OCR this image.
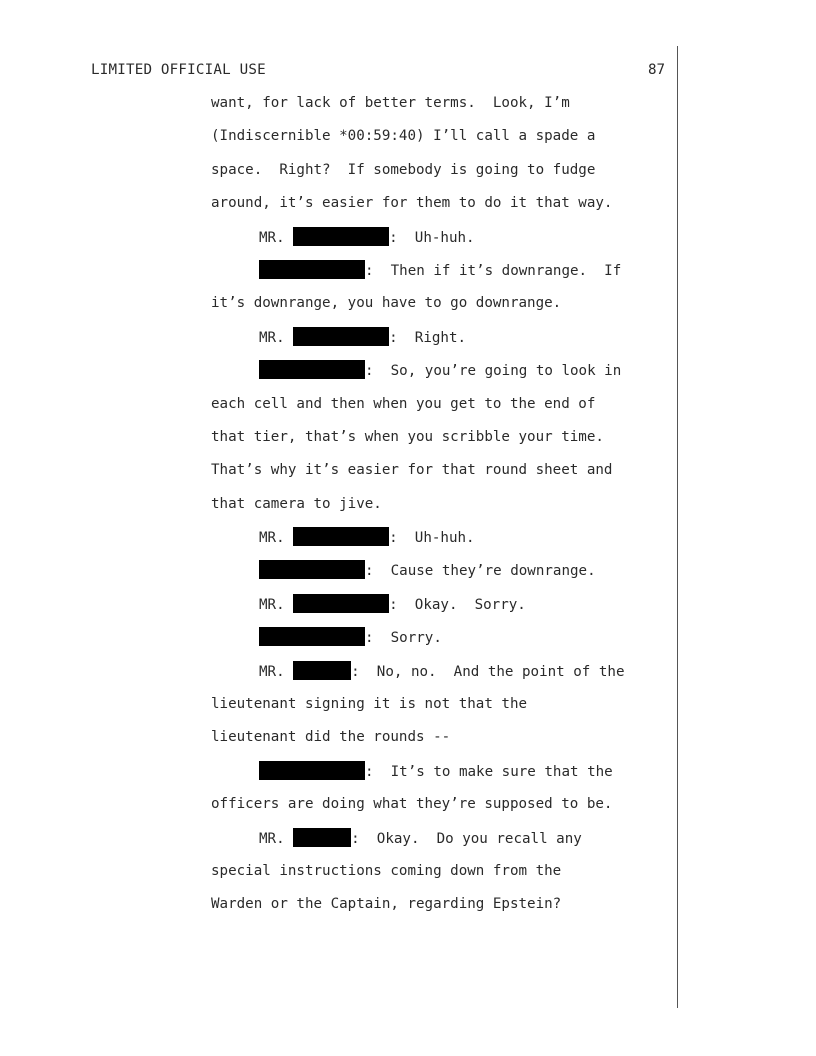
LIMITED OFFICIAL USE	87

want, for lack of better terms.  Look, I’m

(Indiscernible *00:59:40) I’ll call a spade a

space.  Right?  If somebody is going to fudge

around, it’s easier for them to do it that way.

MR.	:  Uh-huh.

:  Then if it’s downrange.  If

it’s downrange, you have to go downrange.

MR.	:  Right.

:  So, you’re going to look in

each cell and then when you get to the end of

that tier, that’s when you scribble your time.

That’s why it’s easier for that round sheet and

that camera to jive.

MR.	:  Uh-huh.

:  Cause they’re downrange.

MR.	:  Okay.  Sorry.

:  Sorry.

MR.	:  No, no.  And the point of the

lieutenant signing it is not that the

lieutenant did the rounds --

:  It’s to make sure that the

officers are doing what they’re supposed to be.

MR.	:  Okay.  Do you recall any

special instructions coming down from the

Warden or the Captain, regarding Epstein?
